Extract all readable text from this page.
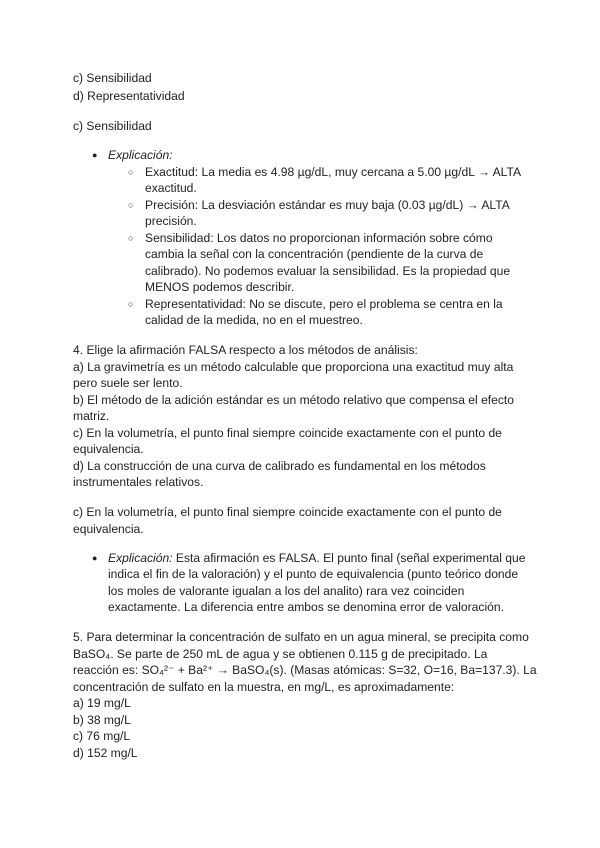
c) Sensibilidad
d) Representatividad
c) Sensibilidad
● Explicación:
○ Exactitud: La media es 4.98 µg/dL, muy cercana a 5.00 µg/dL → ALTA
exactitud.
○ Precisión: La desviación estándar es muy baja (0.03 µg/dL) → ALTA
precisión.
○ Sensibilidad: Los datos no proporcionan información sobre cómo
cambia la señal con la concentración (pendiente de la curva de
calibrado). No podemos evaluar la sensibilidad. Es la propiedad que
MENOS podemos describir.
○ Representatividad: No se discute, pero el problema se centra en la
calidad de la medida, no en el muestreo.
4. Elige la afirmación FALSA respecto a los métodos de análisis:
a) La gravimetría es un método calculable que proporciona una exactitud muy alta
pero suele ser lento.
b) El método de la adición estándar es un método relativo que compensa el efecto
matriz.
c) En la volumetría, el punto final siempre coincide exactamente con el punto de
equivalencia.
d) La construcción de una curva de calibrado es fundamental en los métodos
instrumentales relativos.
c) En la volumetría, el punto final siempre coincide exactamente con el punto de
equivalencia.
● Explicación: Esta afirmación es FALSA. El punto final (señal experimental que
indica el fin de la valoración) y el punto de equivalencia (punto teórico donde
los moles de valorante igualan a los del analito) rara vez coinciden
exactamente. La diferencia entre ambos se denomina error de valoración.
5. Para determinar la concentración de sulfato en un agua mineral, se precipita como
BaSO₄. Se parte de 250 mL de agua y se obtienen 0.115 g de precipitado. La
reacción es: SO₄²⁻ + Ba²⁺ → BaSO₄(s). (Masas atómicas: S=32, O=16, Ba=137.3). La
concentración de sulfato en la muestra, en mg/L, es aproximadamente:
a) 19 mg/L
b) 38 mg/L
c) 76 mg/L
d) 152 mg/L
